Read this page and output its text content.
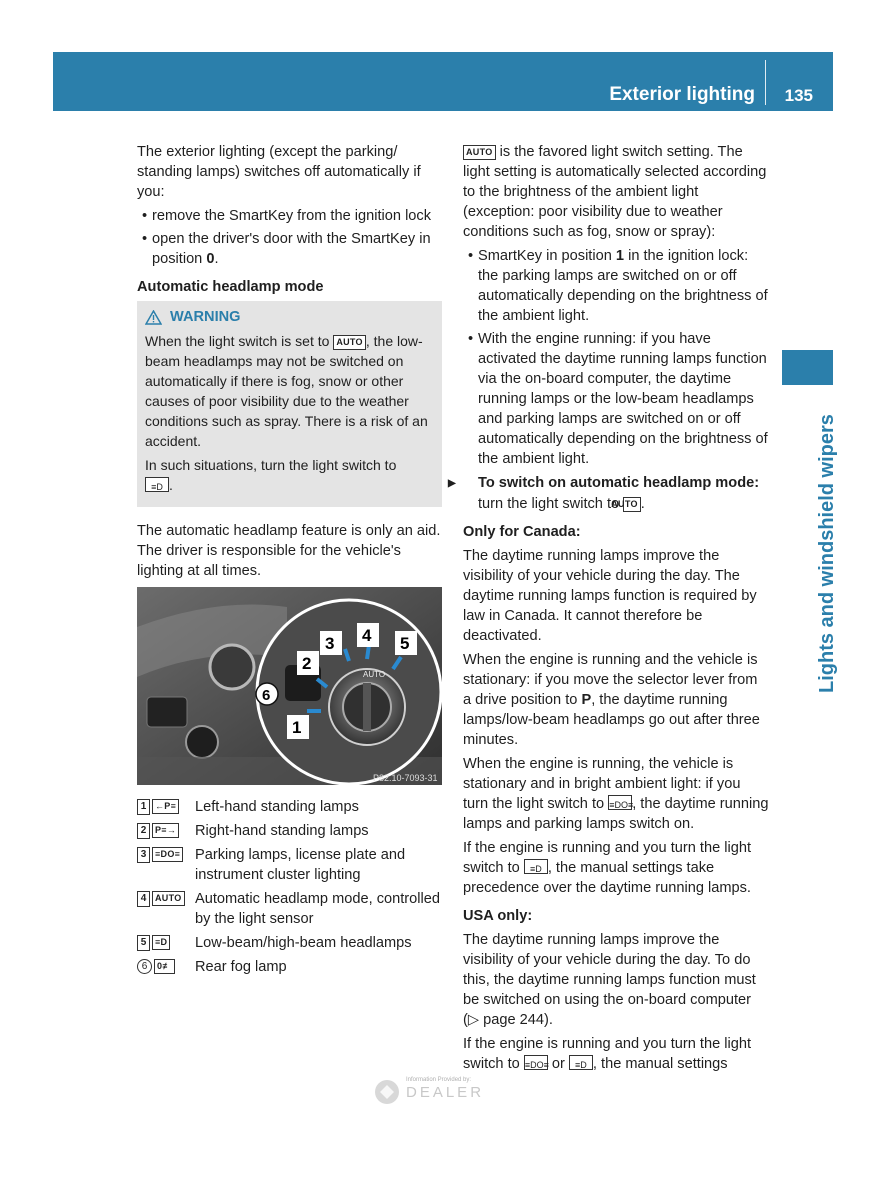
Exterior lighting 135
Lights and windshield wipers

The exterior lighting (except the parking/ standing lamps) switches off automatically if you:

• remove the SmartKey from the ignition lock
• open the driver's door with the SmartKey in position 0.
Automatic headlamp mode
WARNING

When the light switch is set to AUTO , the low-beam headlamps may not be switched on automatically if there is fog, snow or other causes of poor visibility due to the weather conditions such as spray. There is a risk of an accident.

In such situations, turn the light switch to

≡D .

The automatic headlamp feature is only an aid. The driver is responsible for the vehicle's lighting at all times.

AUTO
3 4 5
2
1
6
P82.10-7093-31
1 ←P≡ Left-hand standing lamps
2 P≡→ Right-hand standing lamps
3 ≡DO≡ Parking lamps, license plate and instrument cluster lighting
4 AUTO Automatic headlamp mode, controlled by the light sensor
5 ≡D Low-beam/high-beam headlamps
6	0≢ Rear fog lamp

AUTO is the favored light switch setting. The light setting is automatically selected according to the brightness of the ambient light (exception: poor visibility due to weather conditions such as fog, snow or spray):

• SmartKey in position 1 in the ignition lock: the parking lamps are switched on or off automatically depending on the brightness of the ambient light.
• With the engine running: if you have activated the daytime running lamps function via the on-board computer, the daytime running lamps or the low-beam headlamps and parking lamps are switched on or off automatically depending on the brightness of the ambient light.
▶ To switch on automatic headlamp mode: turn the light switch to AUTO .
Only for Canada:

The daytime running lamps improve the visibility of your vehicle during the day. The daytime running lamps function is required by law in Canada. It cannot therefore be deactivated.

When the engine is running and the vehicle is stationary: if you move the selector lever from a drive position to P, the daytime running lamps/low-beam headlamps go out after three minutes.

When the engine is running, the vehicle is stationary and in bright ambient light: if you turn the light switch to ≡DO≡
, the daytime running lamps and parking lamps switch on.

If the engine is running and you turn the light switch to ≡D , the manual settings take precedence over the daytime running lamps.

USA only:

The daytime running lamps improve the visibility of your vehicle during the day. To do this, the daytime running lamps function must be switched on using the on-board computer (▷ page 244).

If the engine is running and you turn the light switch to ≡DO≡
or ≡D , the manual settings

Information Provided by:
DEALER
